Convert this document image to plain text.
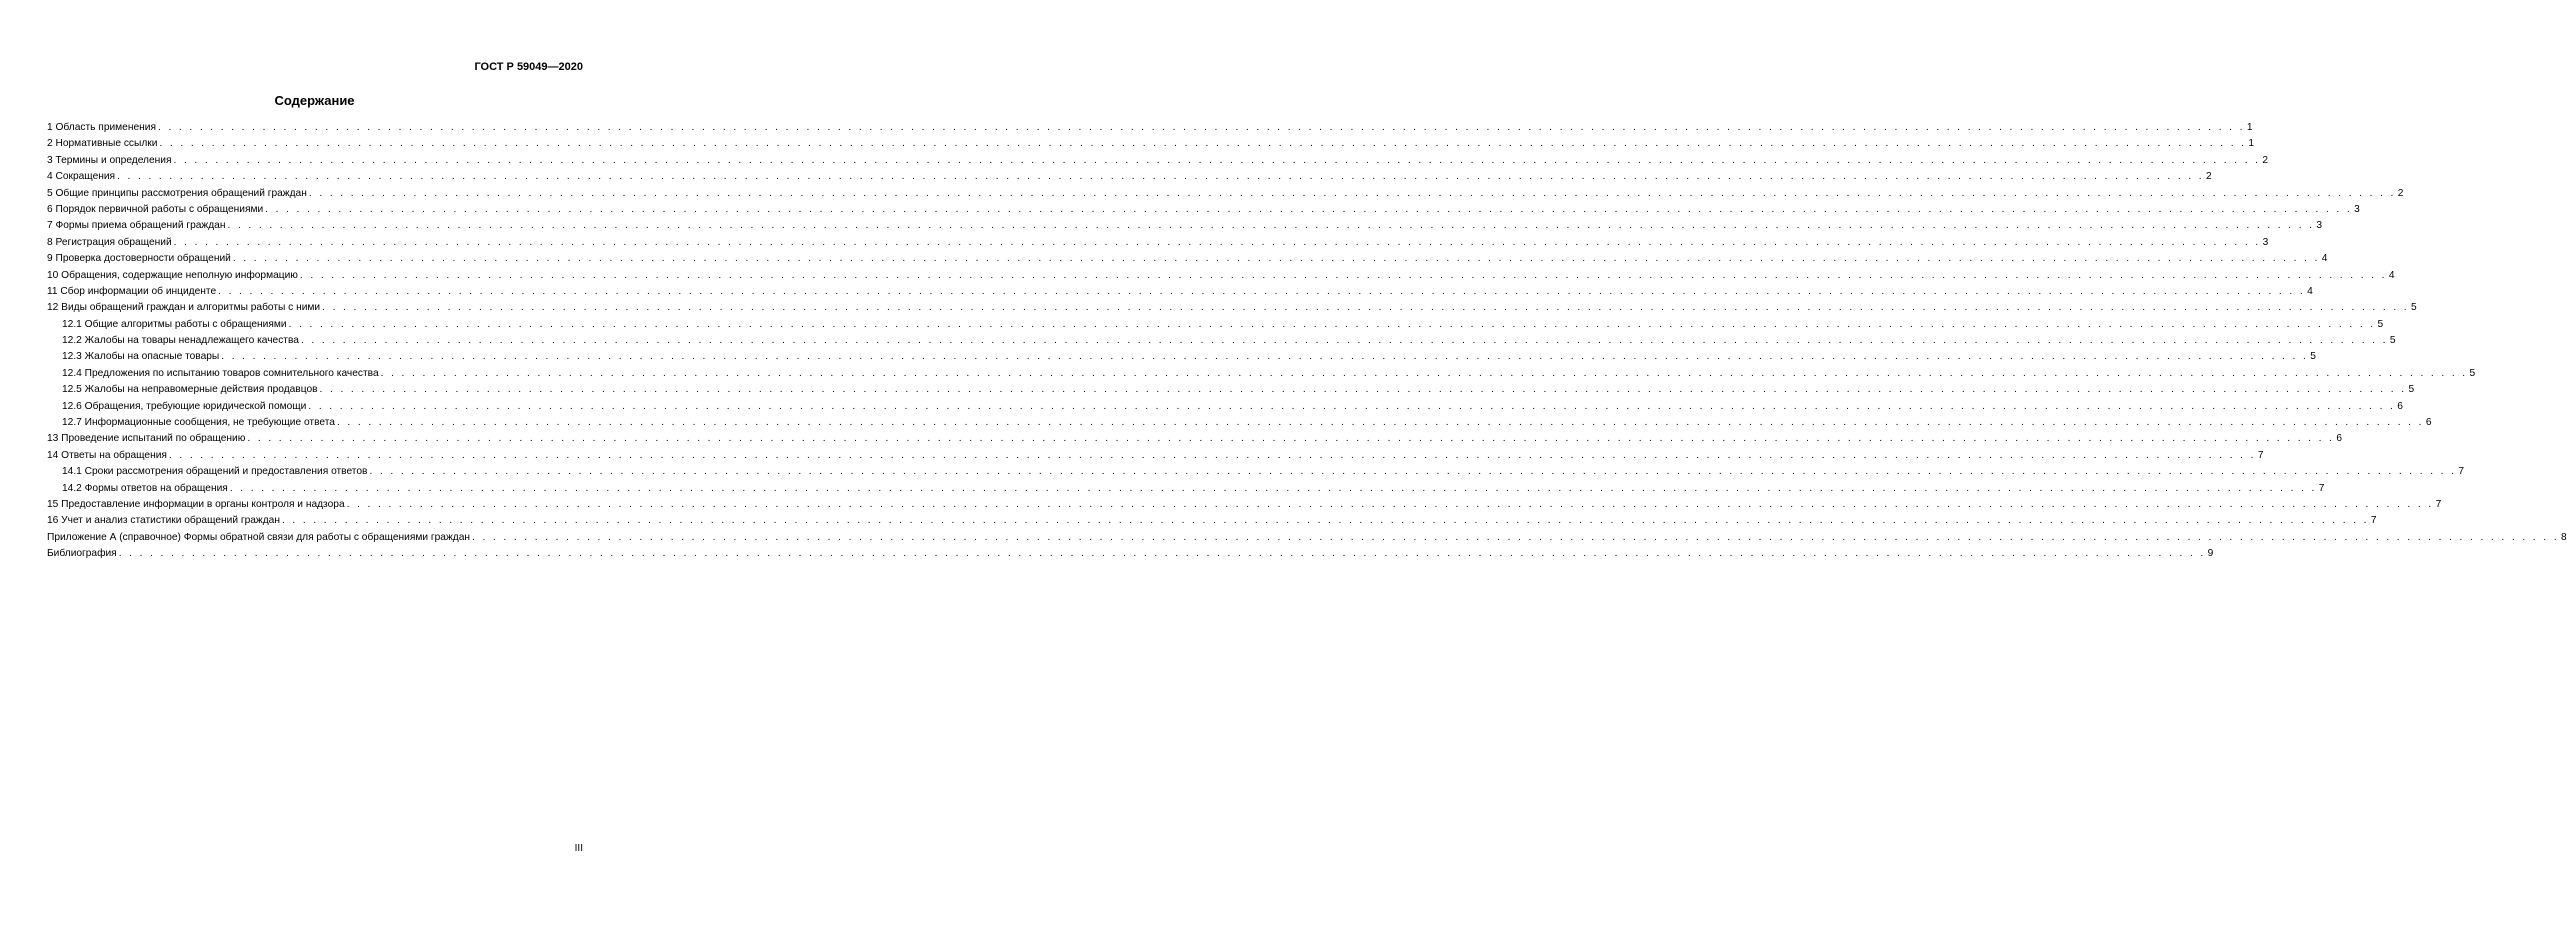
ГОСТ Р 59049—2020
Содержание
1 Область применения . . . . . . . . . . . . . . . . . . . . . . . . . . . . . . . . . . . . . . . . . . . . . . . . . . . . . . . . . . . . . . . . . . . . . . . . . . . . . . . . . . . . . . . . . . . . . . . . . . . . . . . . . . . . . . . . . . . . . . . . . . . . . . . . . . . . . . . . . . . . . . . . . . . . . . . . . . . . . . . . . . . . . . . . . . . . . . . . . . . . . . . . . . . . . . . . . . . . . . . . 1
2 Нормативные ссылки . . . . . . . . . . . . . . . . . . . . . . . . . . . . . . . . . . . . . . . . . . . . . . . . . . . . . . . . . . . . . . . . . . . . . . . . . . . . . . . . . . . . . . . . . . . . . . . . . . . . . . . . . . . . . . . . . . . . . . . . . . . . . . . . . . . . . . . . . . . . . . . . . . . . . . . . . . . . . . . . . . . . . . . . . . . . . . . . . . . . . . . . . . . . . . . . . . . . . . . . 1
3 Термины и определения . . . . . . . . . . . . . . . . . . . . . . . . . . . . . . . . . . . . . . . . . . . . . . . . . . . . . . . . . . . . . . . . . . . . . . . . . . . . . . . . . . . . . . . . . . . . . . . . . . . . . . . . . . . . . . . . . . . . . . . . . . . . . . . . . . . . . . . . . . . . . . . . . . . . . . . . . . . . . . . . . . . . . . . . . . . . . . . . . . . . . . . . . . . . . . . . . . . . . . . . 2
4 Сокращения . . . . . . . . . . . . . . . . . . . . . . . . . . . . . . . . . . . . . . . . . . . . . . . . . . . . . . . . . . . . . . . . . . . . . . . . . . . . . . . . . . . . . . . . . . . . . . . . . . . . . . . . . . . . . . . . . . . . . . . . . . . . . . . . . . . . . . . . . . . . . . . . . . . . . . . . . . . . . . . . . . . . . . . . . . . . . . . . . . . . . . . . . . . . . . . . . . . . . . . . 2
5 Общие принципы рассмотрения обращений граждан . . . . . . . . . . . . . . . . . . . . . . . . . . . . . . . . . . . . . . . . . . . . . . . . . . . . . . . . . . . . . . . . . . . . . . . . . . . . . . . . . . . . . . . . . . . . . . . . . . . . . . . . . . . . . . . . . . . . . . . . . . . . . . . . . . . . . . . . . . . . . . . . . . . . . . . . . . . . . . . . . . . . . . . . . . . . . . . . . . . . . . . . . . . . . . . . . . . . . . . . 2
6 Порядок первичной работы с обращениями . . . . . . . . . . . . . . . . . . . . . . . . . . . . . . . . . . . . . . . . . . . . . . . . . . . . . . . . . . . . . . . . . . . . . . . . . . . . . . . . . . . . . . . . . . . . . . . . . . . . . . . . . . . . . . . . . . . . . . . . . . . . . . . . . . . . . . . . . . . . . . . . . . . . . . . . . . . . . . . . . . . . . . . . . . . . . . . . . . . . . . . . . . . . . . . . . . . . . . . . 3
7 Формы приема обращений граждан . . . . . . . . . . . . . . . . . . . . . . . . . . . . . . . . . . . . . . . . . . . . . . . . . . . . . . . . . . . . . . . . . . . . . . . . . . . . . . . . . . . . . . . . . . . . . . . . . . . . . . . . . . . . . . . . . . . . . . . . . . . . . . . . . . . . . . . . . . . . . . . . . . . . . . . . . . . . . . . . . . . . . . . . . . . . . . . . . . . . . . . . . . . . . . . . . . . . . . . . 3
8 Регистрация обращений . . . . . . . . . . . . . . . . . . . . . . . . . . . . . . . . . . . . . . . . . . . . . . . . . . . . . . . . . . . . . . . . . . . . . . . . . . . . . . . . . . . . . . . . . . . . . . . . . . . . . . . . . . . . . . . . . . . . . . . . . . . . . . . . . . . . . . . . . . . . . . . . . . . . . . . . . . . . . . . . . . . . . . . . . . . . . . . . . . . . . . . . . . . . . . . . . . . . . . . . 3
9 Проверка достоверности обращений . . . . . . . . . . . . . . . . . . . . . . . . . . . . . . . . . . . . . . . . . . . . . . . . . . . . . . . . . . . . . . . . . . . . . . . . . . . . . . . . . . . . . . . . . . . . . . . . . . . . . . . . . . . . . . . . . . . . . . . . . . . . . . . . . . . . . . . . . . . . . . . . . . . . . . . . . . . . . . . . . . . . . . . . . . . . . . . . . . . . . . . . . . . . . . . . . . . . . . . . 4
10 Обращения, содержащие неполную информацию . . . . . . . . . . . . . . . . . . . . . . . . . . . . . . . . . . . . . . . . . . . . . . . . . . . . . . . . . . . . . . . . . . . . . . . . . . . . . . . . . . . . . . . . . . . . . . . . . . . . . . . . . . . . . . . . . . . . . . . . . . . . . . . . . . . . . . . . . . . . . . . . . . . . . . . . . . . . . . . . . . . . . . . . . . . . . . . . . . . . . . . . . . . . . . . . . . . . . . . . 4
11 Сбор информации об инциденте . . . . . . . . . . . . . . . . . . . . . . . . . . . . . . . . . . . . . . . . . . . . . . . . . . . . . . . . . . . . . . . . . . . . . . . . . . . . . . . . . . . . . . . . . . . . . . . . . . . . . . . . . . . . . . . . . . . . . . . . . . . . . . . . . . . . . . . . . . . . . . . . . . . . . . . . . . . . . . . . . . . . . . . . . . . . . . . . . . . . . . . . . . . . . . . . . . . . . . . . 4
12 Виды обращений граждан и алгоритмы работы с ними . . . . . . . . . . . . . . . . . . . . . . . . . . . . . . . . . . . . . . . . . . . . . . . . . . . . . . . . . . . . . . . . . . . . . . . . . . . . . . . . . . . . . . . . . . . . . . . . . . . . . . . . . . . . . . . . . . . . . . . . . . . . . . . . . . . . . . . . . . . . . . . . . . . . . . . . . . . . . . . . . . . . . . . . . . . . . . . . . . . . . . . . . . . . . . . . . . . . . . . . 5
12.1 Общие алгоритмы работы с обращениями . . . . . . . . . . . . . . . . . . . . . . . . . . . . . . . . . . . . . . . . . . . . . . . . . . . . . . . . . . . . . . . . . . . . . . . . . . . . . . . . . . . . . . . . . . . . . . . . . . . . . . . . . . . . . . . . . . . . . . . . . . . . . . . . . . . . . . . . . . . . . . . . . . . . . . . . . . . . . . . . . . . . . . . . . . . . . . . . . . . . . . . . . . . . . . . . . . . . . . . . 5
12.2 Жалобы на товары ненадлежащего качества . . . . . . . . . . . . . . . . . . . . . . . . . . . . . . . . . . . . . . . . . . . . . . . . . . . . . . . . . . . . . . . . . . . . . . . . . . . . . . . . . . . . . . . . . . . . . . . . . . . . . . . . . . . . . . . . . . . . . . . . . . . . . . . . . . . . . . . . . . . . . . . . . . . . . . . . . . . . . . . . . . . . . . . . . . . . . . . . . . . . . . . . . . . . . . . . . . . . . . . . 5
12.3 Жалобы на опасные товары . . . . . . . . . . . . . . . . . . . . . . . . . . . . . . . . . . . . . . . . . . . . . . . . . . . . . . . . . . . . . . . . . . . . . . . . . . . . . . . . . . . . . . . . . . . . . . . . . . . . . . . . . . . . . . . . . . . . . . . . . . . . . . . . . . . . . . . . . . . . . . . . . . . . . . . . . . . . . . . . . . . . . . . . . . . . . . . . . . . . . . . . . . . . . . . . . . . . . . . . 5
12.4 Предложения по испытанию товаров сомнительного качества . . . . . . . . . . . . . . . . . . . . . . . . . . . . . . . . . . . . . . . . . . . . . . . . . . . . . . . . . . . . . . . . . . . . . . . . . . . . . . . . . . . . . . . . . . . . . . . . . . . . . . . . . . . . . . . . . . . . . . . . . . . . . . . . . . . . . . . . . . . . . . . . . . . . . . . . . . . . . . . . . . . . . . . . . . . . . . . . . . . . . . . . . . . . . . . . . . . . . . . . 5
12.5 Жалобы на неправомерные действия продавцов . . . . . . . . . . . . . . . . . . . . . . . . . . . . . . . . . . . . . . . . . . . . . . . . . . . . . . . . . . . . . . . . . . . . . . . . . . . . . . . . . . . . . . . . . . . . . . . . . . . . . . . . . . . . . . . . . . . . . . . . . . . . . . . . . . . . . . . . . . . . . . . . . . . . . . . . . . . . . . . . . . . . . . . . . . . . . . . . . . . . . . . . . . . . . . . . . . . . . . . . 5
12.6 Обращения, требующие юридической помощи . . . . . . . . . . . . . . . . . . . . . . . . . . . . . . . . . . . . . . . . . . . . . . . . . . . . . . . . . . . . . . . . . . . . . . . . . . . . . . . . . . . . . . . . . . . . . . . . . . . . . . . . . . . . . . . . . . . . . . . . . . . . . . . . . . . . . . . . . . . . . . . . . . . . . . . . . . . . . . . . . . . . . . . . . . . . . . . . . . . . . . . . . . . . . . . . . . . . . . . . 6
12.7 Информационные сообщения, не требующие ответа . . . . . . . . . . . . . . . . . . . . . . . . . . . . . . . . . . . . . . . . . . . . . . . . . . . . . . . . . . . . . . . . . . . . . . . . . . . . . . . . . . . . . . . . . . . . . . . . . . . . . . . . . . . . . . . . . . . . . . . . . . . . . . . . . . . . . . . . . . . . . . . . . . . . . . . . . . . . . . . . . . . . . . . . . . . . . . . . . . . . . . . . . . . . . . . . . . . . . . . . 6
13 Проведение испытаний по обращению . . . . . . . . . . . . . . . . . . . . . . . . . . . . . . . . . . . . . . . . . . . . . . . . . . . . . . . . . . . . . . . . . . . . . . . . . . . . . . . . . . . . . . . . . . . . . . . . . . . . . . . . . . . . . . . . . . . . . . . . . . . . . . . . . . . . . . . . . . . . . . . . . . . . . . . . . . . . . . . . . . . . . . . . . . . . . . . . . . . . . . . . . . . . . . . . . . . . . . . . 6
14 Ответы на обращения . . . . . . . . . . . . . . . . . . . . . . . . . . . . . . . . . . . . . . . . . . . . . . . . . . . . . . . . . . . . . . . . . . . . . . . . . . . . . . . . . . . . . . . . . . . . . . . . . . . . . . . . . . . . . . . . . . . . . . . . . . . . . . . . . . . . . . . . . . . . . . . . . . . . . . . . . . . . . . . . . . . . . . . . . . . . . . . . . . . . . . . . . . . . . . . . . . . . . . . . 7
14.1 Сроки рассмотрения обращений и предоставления ответов . . . . . . . . . . . . . . . . . . . . . . . . . . . . . . . . . . . . . . . . . . . . . . . . . . . . . . . . . . . . . . . . . . . . . . . . . . . . . . . . . . . . . . . . . . . . . . . . . . . . . . . . . . . . . . . . . . . . . . . . . . . . . . . . . . . . . . . . . . . . . . . . . . . . . . . . . . . . . . . . . . . . . . . . . . . . . . . . . . . . . . . . . . . . . . . . . . . . . . . . 7
14.2 Формы ответов на обращения . . . . . . . . . . . . . . . . . . . . . . . . . . . . . . . . . . . . . . . . . . . . . . . . . . . . . . . . . . . . . . . . . . . . . . . . . . . . . . . . . . . . . . . . . . . . . . . . . . . . . . . . . . . . . . . . . . . . . . . . . . . . . . . . . . . . . . . . . . . . . . . . . . . . . . . . . . . . . . . . . . . . . . . . . . . . . . . . . . . . . . . . . . . . . . . . . . . . . . . . 7
15 Предоставление информации в органы контроля и надзора . . . . . . . . . . . . . . . . . . . . . . . . . . . . . . . . . . . . . . . . . . . . . . . . . . . . . . . . . . . . . . . . . . . . . . . . . . . . . . . . . . . . . . . . . . . . . . . . . . . . . . . . . . . . . . . . . . . . . . . . . . . . . . . . . . . . . . . . . . . . . . . . . . . . . . . . . . . . . . . . . . . . . . . . . . . . . . . . . . . . . . . . . . . . . . . . . . . . . . . . 7
16 Учет и анализ статистики обращений граждан . . . . . . . . . . . . . . . . . . . . . . . . . . . . . . . . . . . . . . . . . . . . . . . . . . . . . . . . . . . . . . . . . . . . . . . . . . . . . . . . . . . . . . . . . . . . . . . . . . . . . . . . . . . . . . . . . . . . . . . . . . . . . . . . . . . . . . . . . . . . . . . . . . . . . . . . . . . . . . . . . . . . . . . . . . . . . . . . . . . . . . . . . . . . . . . . . . . . . . . . 7
Приложение А (справочное) Формы обратной связи для работы с обращениями граждан . . . . . . . . . . . . . . . . . . . . . . . . . . . . . . . . . . . . . . . . . . . . . . . . . . . . . . . . . . . . . . . . . . . . . . . . . . . . . . . . . . . . . . . . . . . . . . . . . . . . . . . . . . . . . . . . . . . . . . . . . . . . . . . . . . . . . . . . . . . . . . . . . . . . . . . . . . . . . . . . . . . . . . . . . . . . . . . . . . . . . . . . . . . . . . . . . . . . . . . . 8
Библиография . . . . . . . . . . . . . . . . . . . . . . . . . . . . . . . . . . . . . . . . . . . . . . . . . . . . . . . . . . . . . . . . . . . . . . . . . . . . . . . . . . . . . . . . . . . . . . . . . . . . . . . . . . . . . . . . . . . . . . . . . . . . . . . . . . . . . . . . . . . . . . . . . . . . . . . . . . . . . . . . . . . . . . . . . . . . . . . . . . . . . . . . . . . . . . . . . . . . . . . . 9
III
